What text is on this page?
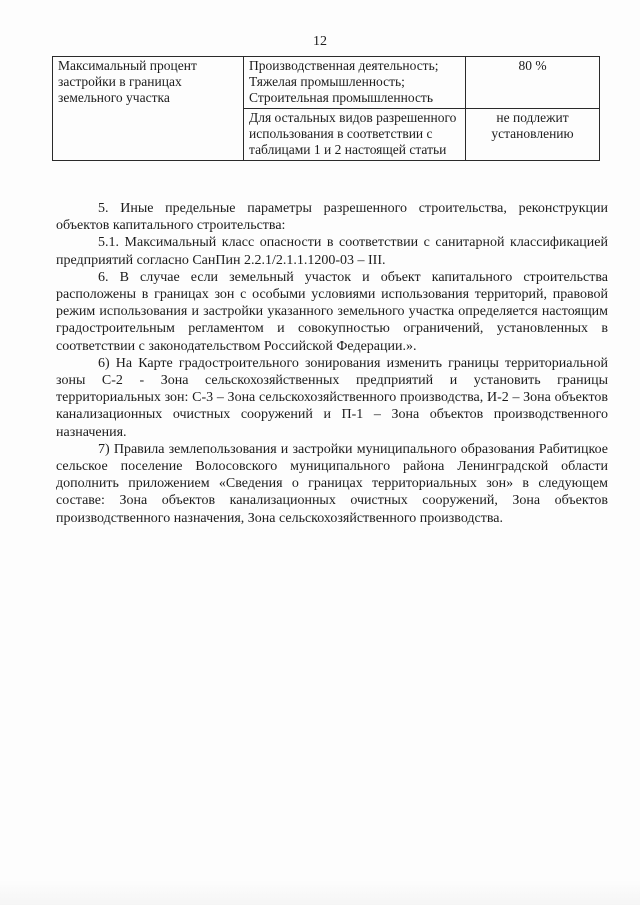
12
Максимальный процент застройки в границах земельного участка	Производственная деятельность;
Тяжелая промышленность;
Строительная промышленность	80 %
	Для остальных видов разрешенного использования в соответствии с таблицами 1 и 2 настоящей статьи	не подлежит установлению

5. Иные предельные параметры разрешенного строительства, реконструкции объектов капитального строительства:

5.1. Максимальный класс опасности в соответствии с санитарной классификацией предприятий согласно СанПин 2.2.1/2.1.1.1200-03 – III.

6. В случае если земельный участок и объект капитального строительства расположены в границах зон с особыми условиями использования территорий, правовой режим использования и застройки указанного земельного участка определяется настоящим градостроительным регламентом и совокупностью ограничений, установленных в соответствии с законодательством Российской Федерации.».

6) На Карте градостроительного зонирования изменить границы территориальной зоны С-2 - Зона сельскохозяйственных предприятий и установить границы территориальных зон: С-3 – Зона сельскохозяйственного производства, И-2 – Зона объектов канализационных очистных сооружений и П-1 – Зона объектов производственного назначения.

7) Правила землепользования и застройки муниципального образования Рабитицкое сельское поселение Волосовского муниципального района Ленинградской области дополнить приложением «Сведения о границах территориальных зон» в следующем составе: Зона объектов канализационных очистных сооружений, Зона объектов производственного назначения, Зона сельскохозяйственного производства.
